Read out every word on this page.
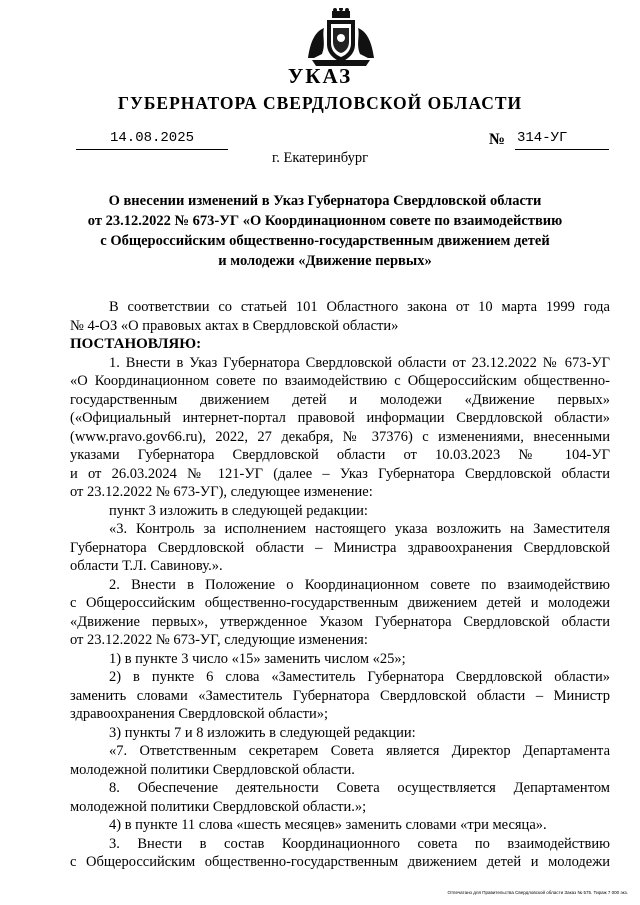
УКАЗ
ГУБЕРНАТОРА СВЕРДЛОВСКОЙ ОБЛАСТИ
14.08.2025	№ 314-УГ
г. Екатеринбург
О внесении изменений в Указ Губернатора Свердловской области
от 23.12.2022 № 673-УГ «О Координационном совете по взаимодействию
с Общероссийским общественно-государственным движением детей
и молодежи «Движение первых»

В соответствии со статьей 101 Областного закона от 10 марта 1999 года

№ 4-ОЗ «О правовых актах в Свердловской области»

ПОСТАНОВЛЯЮ:

1. Внести в Указ Губернатора Свердловской области от 23.12.2022 № 673-УГ

«О Координационном совете по взаимодействию с Общероссийским общественно-

государственным движением детей и молодежи «Движение первых»

(«Официальный интернет-портал правовой информации Свердловской области»

(www.pravo.gov66.ru), 2022, 27 декабря, № 37376) с изменениями, внесенными

указами Губернатора Свердловской области от 10.03.2023 № 104-УГ

и от 26.03.2024 № 121-УГ (далее – Указ Губернатора Свердловской области

от 23.12.2022 № 673-УГ), следующее изменение:

пункт 3 изложить в следующей редакции:

«3. Контроль за исполнением настоящего указа возложить на Заместителя

Губернатора Свердловской области – Министра здравоохранения Свердловской

области Т.Л. Савинову.».

2. Внести в Положение о Координационном совете по взаимодействию

с Общероссийским общественно-государственным движением детей и молодежи

«Движение первых», утвержденное Указом Губернатора Свердловской области

от 23.12.2022 № 673-УГ, следующие изменения:

1) в пункте 3 число «15» заменить числом «25»;

2) в пункте 6 слова «Заместитель Губернатора Свердловской области»

заменить словами «Заместитель Губернатора Свердловской области – Министр

здравоохранения Свердловской области»;

3) пункты 7 и 8 изложить в следующей редакции:

«7. Ответственным секретарем Совета является Директор Департамента

молодежной политики Свердловской области.

8. Обеспечение деятельности Совета осуществляется Департаментом

молодежной политики Свердловской области.»;

4) в пункте 11 слова «шесть месяцев» заменить словами «три месяца».

3. Внести в состав Координационного совета по взаимодействию

с Общероссийским общественно-государственным движением детей и молодежи

Отпечатано для Правительства Свердловской области Заказ № 575. Тираж 7 000 экз.
